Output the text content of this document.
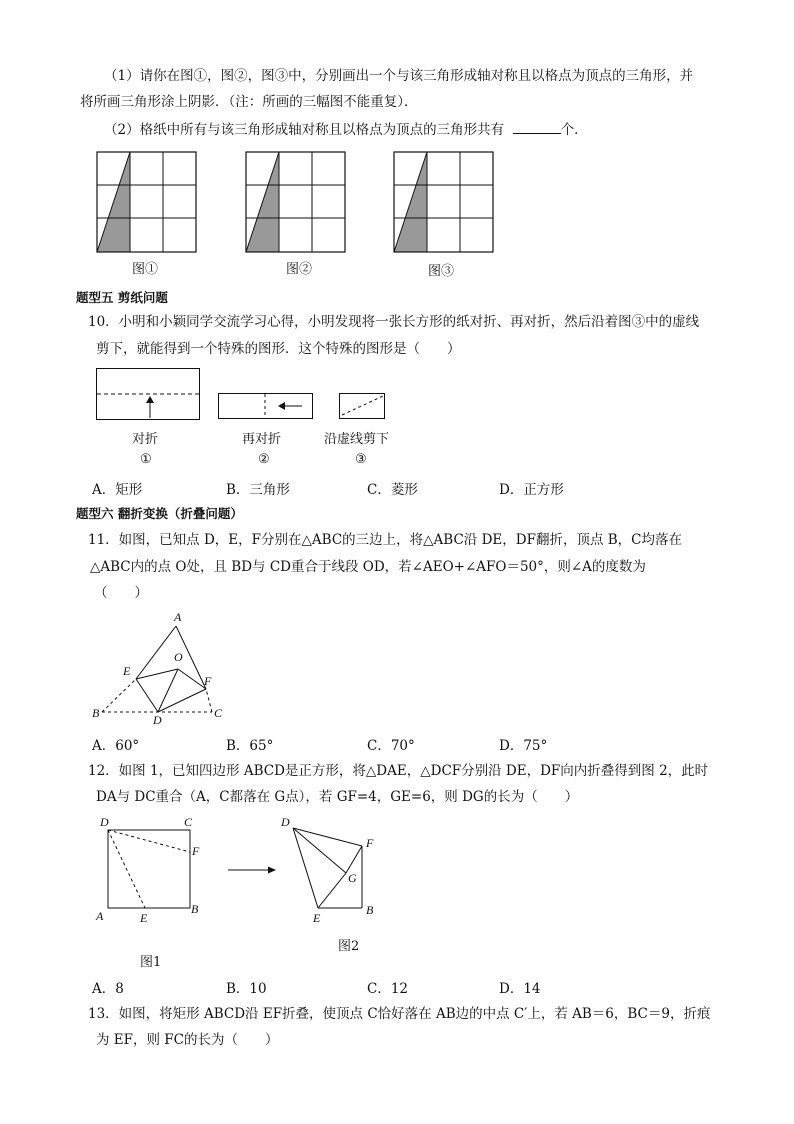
（1）请你在图①，图②，图③中，分别画出一个与该三角形成轴对称且以格点为顶点的三角形，并
将所画三角形涂上阴影．（注：所画的三幅图不能重复）．
（2）格纸中所有与该三角形成轴对称且以格点为顶点的三角形共有	个．
图①	图②	图③
题型五 剪纸问题
10．小明和小颖同学交流学习心得，小明发现将一张长方形的纸对折、再对折，然后沿着图③中的虚线
剪下，就能得到一个特殊的图形．这个特殊的图形是（　　）
对折	再对折	沿虚线剪下
①	②	③
A．矩形	B．三角形	C．菱形	D．正方形
题型六 翻折变换（折叠问题）
11．如图，已知点 D，E，F分别在△ABC的三边上，将△ABC沿 DE，DF翻折，顶点 B，C均落在
△ABC内的点 O处，且 BD与 CD重合于线段 OD，若∠AEO+∠AFO＝50°，则∠A的度数为
（　　）
A
O
E
F
B	D	C
A．60°	B．65°	C．70°	D．75°
12．如图 1，已知四边形 ABCD是正方形，将△DAE，△DCF分别沿 DE，DF向内折叠得到图 2，此时
DA与 DC重合（A，C都落在 G点），若 GF=4，GE=6，则 DG的长为（　　）
D	C
F
A	E
B
D
F
G
E
B
图1
图2
A．8	B．10	C．12	D．14
13．如图，将矩形 ABCD沿 EF折叠，使顶点 C恰好落在 AB边的中点 C′上，若 AB＝6，BC＝9，折痕
为 EF，则 FC的长为（　　）
